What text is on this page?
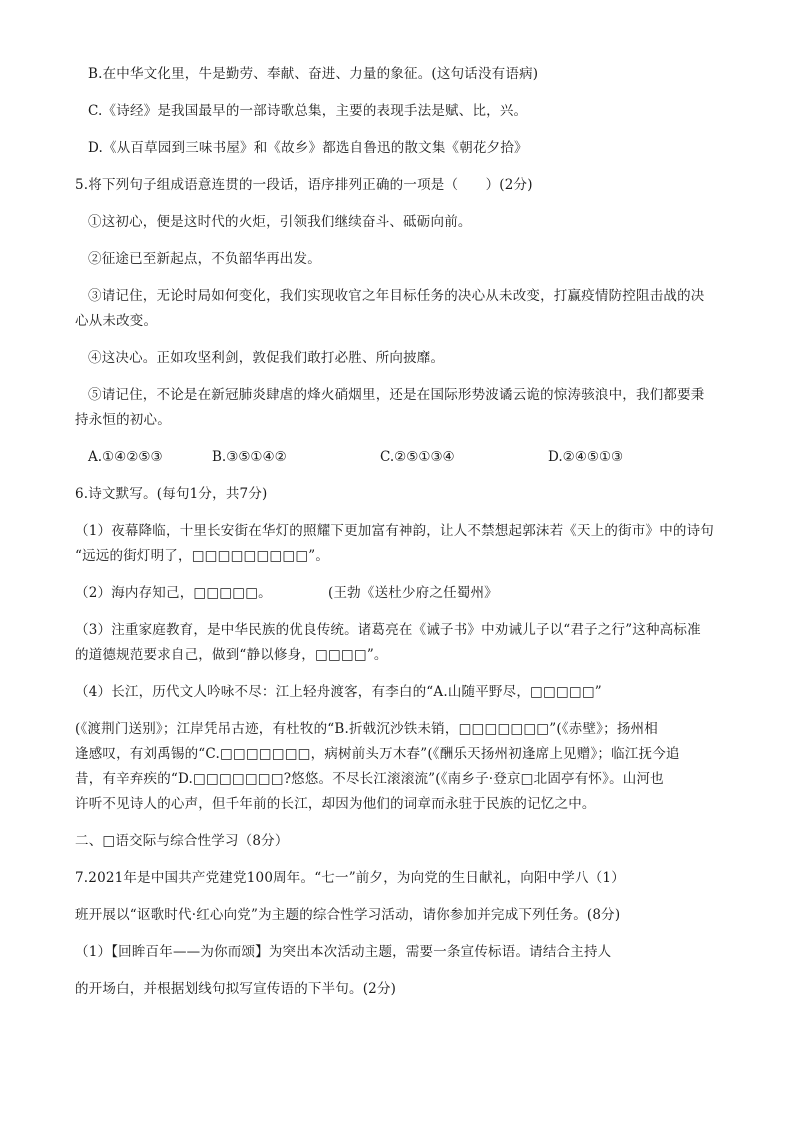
B.在中华文化里，牛是勤劳、奉献、奋进、力量的象征。(这句话没有语病)
C.《诗经》是我国最早的一部诗歌总集，主要的表现手法是赋、比，兴。
D.《从百草园到三味书屋》和《故乡》都选自鲁迅的散文集《朝花夕拾》
5.将下列句子组成语意连贯的一段话，语序排列正确的一项是（　　）(2分)
①这初心，便是这时代的火炬，引领我们继续奋斗、砥砺向前。
②征途已至新起点，不负韶华再出发。
③请记住，无论时局如何变化，我们实现收官之年目标任务的决心从未改变，打赢疫情防控阻击战的决
心从未改变。
④这决心。正如攻坚利剑，敦促我们敢打必胜、所向披靡。
⑤请记住，不论是在新冠肺炎肆虐的烽火硝烟里，还是在国际形势波谲云诡的惊涛骇浪中，我们都要秉
持永恒的初心。
A.①④②⑤③	B.③⑤①④②	C.②⑤①③④	D.②④⑤①③
6.诗文默写。(每句1分，共7分)
（1）夜幕降临，十里长安街在华灯的照耀下更加富有神韵，让人不禁想起郭沫若《天上的街市》中的诗句
“远远的街灯明了，□□□□□□□□□”。
（2）海内存知己，□□□□□。	(王勃《送杜少府之任蜀州》
（3）注重家庭教育，是中华民族的优良传统。诸葛亮在《诫子书》中劝诫儿子以“君子之行”这种高标准
的道德规范要求自己，做到“静以修身，□□□□”。
（4）长江，历代文人吟咏不尽：江上轻舟渡客，有李白的“A.山随平野尽，□□□□□”
(《渡荆门送别》；江岸凭吊古迹，有杜牧的“B.折戟沉沙铁未销，□□□□□□□”(《赤壁》；扬州相
逢感叹，有刘禹锡的“C.□□□□□□□，病树前头万木春”(《酬乐天扬州初逢席上见赠》；临江抚今追
昔，有辛弃疾的“D.□□□□□□□?悠悠。不尽长江滚滚流”(《南乡子·登京□北固亭有怀》。山河也
许听不见诗人的心声，但千年前的长江，却因为他们的词章而永驻于民族的记忆之中。
二、□语交际与综合性学习（8分）
7.2021年是中国共产党建党100周年。“七一”前夕，为向党的生日献礼，向阳中学八（1）
班开展以“讴歌时代·红心向党”为主题的综合性学习活动，请你参加并完成下列任务。(8分)
（1）【回眸百年——为你而颂】为突出本次活动主题，需要一条宣传标语。请结合主持人
的开场白，并根据划线句拟写宣传语的下半句。(2分)
